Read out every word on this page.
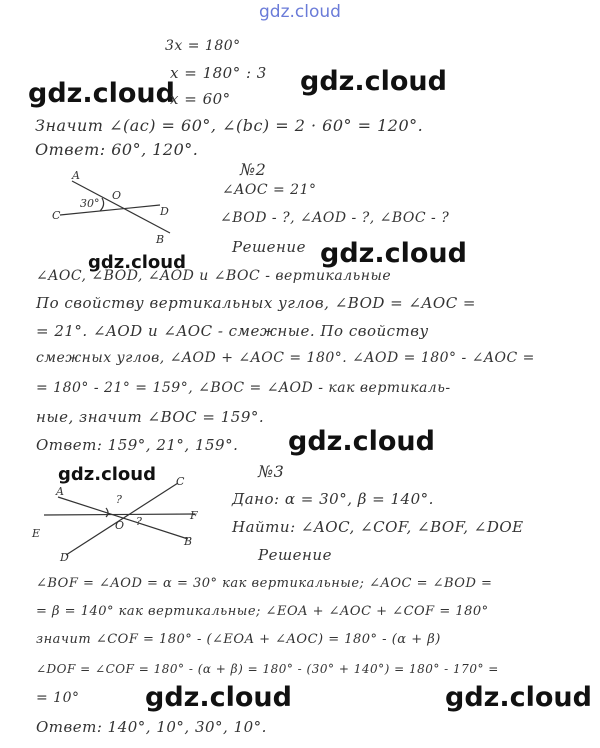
gdz.cloud
gdz.cloud	gdz.cloud
gdz.cloud	gdz.cloud
gdz.cloud
gdz.cloud
gdz.cloud	gdz.cloud
3x = 180°
x = 180° : 3
x = 60°
Значит ∠(ac) = 60°, ∠(bc) = 2 · 60° = 120°.
Ответ: 60°, 120°.
№2
∠AOC = 21°
∠BOD - ?, ∠AOD - ?, ∠BOC - ?
Решение
∠AOC, ∠BOD, ∠AOD и ∠BOC - вертикальные
По свойству вертикальных углов, ∠BOD = ∠AOC =
= 21°. ∠AOD и ∠AOC - смежные. По свойству
смежных углов, ∠AOD + ∠AOC = 180°. ∠AOD = 180° - ∠AOC =
= 180° - 21° = 159°, ∠BOC = ∠AOD - как вертикаль-
ные, значит ∠BOC = 159°.
Ответ: 159°, 21°, 159°.
№3
Дано: α = 30°, β = 140°.
Найти: ∠AOC, ∠COF, ∠BOF, ∠DOE
Решение
∠BOF = ∠AOD = α = 30° как вертикальные; ∠AOC = ∠BOD =
= β = 140° как вертикальные; ∠EOA + ∠AOC + ∠COF = 180°
значит ∠COF = 180° - (∠EOA + ∠AOC) = 180° - (α + β)
∠DOF = ∠COF = 180° - (α + β) = 180° - (30° + 140°) = 180° - 170° =
= 10°
Ответ: 140°, 10°, 30°, 10°.
A
C
30°
O
D
B
A
C
E
F
D
B
O
?
?
